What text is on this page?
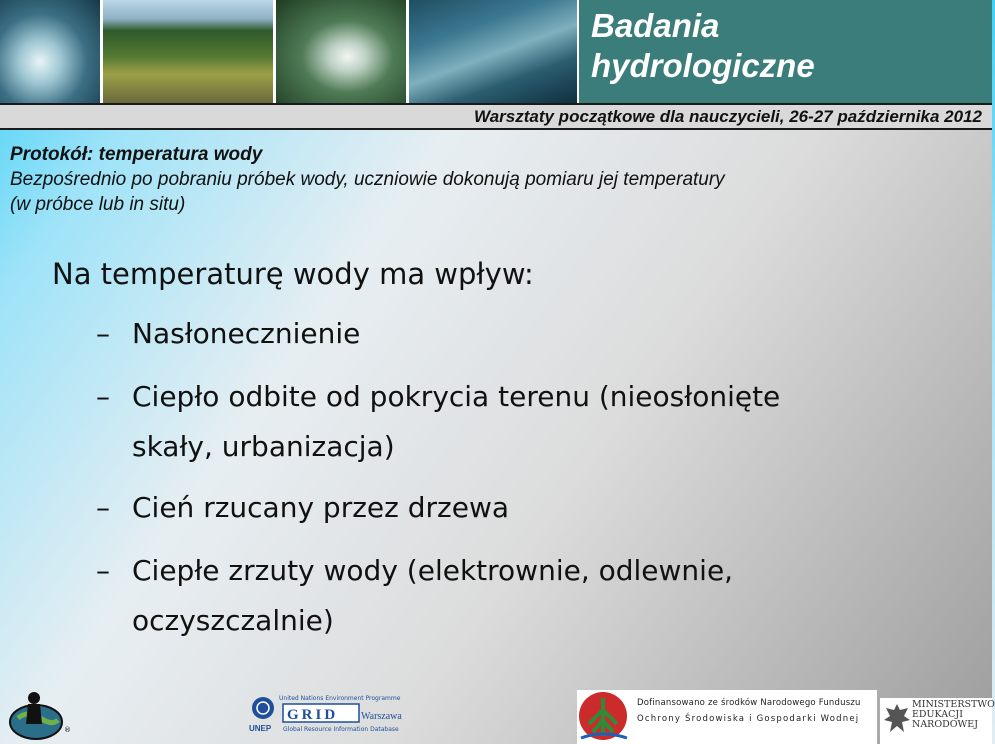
Badania
hydrologiczne
Warsztaty początkowe dla nauczycieli, 26-27 października 2012
Protokół: temperatura wody
Bezpośrednio po pobraniu próbek wody, uczniowie dokonują pomiaru jej temperatury
(w próbce lub in situ)
Na temperaturę wody ma wpływ:
– Nasłonecznienie
– Ciepło odbite od pokrycia terenu (nieosłonięte
skały, urbanizacja)
– Cień rzucany przez drzewa
– Ciepłe zrzuty wody (elektrownie, odlewnie,
oczyszczalnie)
®
United Nations Environment Programme
GRID Warszawa
UNEP Global Resource Information Database
Dofinansowano ze środków Narodowego Funduszu
Ochrony Środowiska i Gospodarki Wodnej
MINISTERSTWO
EDUKACJI
NARODOWEJ
